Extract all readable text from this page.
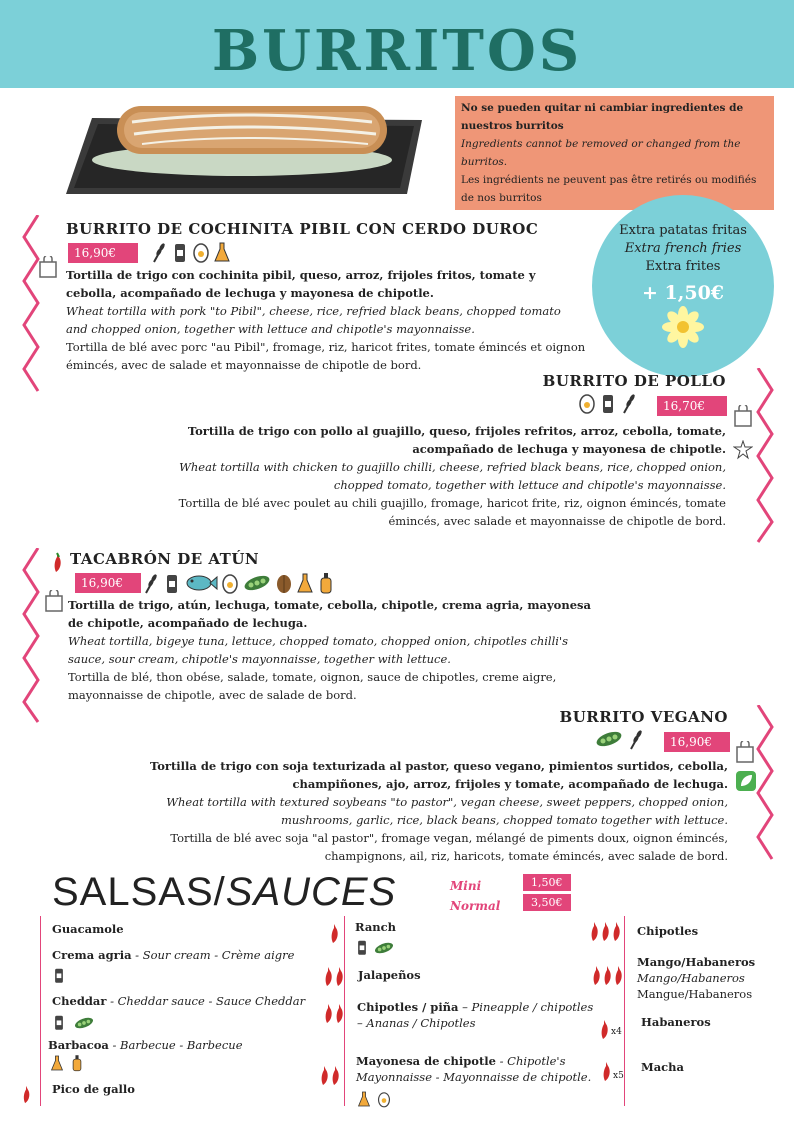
BURRITOS
No se pueden quitar ni cambiar ingredientes de nuestros burritos
Ingredients cannot be removed or changed from the burritos.
Les ingrédients ne peuvent pas être retirés ou modifiés de nos burritos
Extra patatas fritas
Extra french fries
Extra frites
+ 1,50€
BURRITO DE COCHINITA PIBIL CON CERDO DUROC
16,90€
Tortilla de trigo con cochinita pibil, queso, arroz, frijoles fritos, tomate y cebolla, acompañado de lechuga y mayonesa de chipotle.
Wheat tortilla with pork "to Pibil", cheese, rice, refried black beans, chopped tomato and chopped onion, together with lettuce and chipotle's mayonnaisse.
Tortilla de blé avec porc "au Pibil", fromage, riz, haricot frites, tomate émincés et oignon émincés, avec de salade et mayonnaisse de chipotle de bord.
BURRITO DE POLLO
16,70€
Tortilla de trigo con pollo al guajillo, queso, frijoles refritos, arroz, cebolla, tomate, acompañado de lechuga y mayonesa de chipotle.
Wheat tortilla with chicken to guajillo chilli, cheese, refried black beans, rice, chopped onion, chopped tomato, together with lettuce and chipotle's mayonnaisse.
Tortilla de blé avec poulet au chili guajillo, fromage, haricot frite, riz, oignon émincés, tomate émincés, avec salade et mayonnaisse de chipotle de bord.
TACABRÓN DE ATÚN
16,90€
Tortilla de trigo, atún, lechuga, tomate, cebolla, chipotle, crema agria, mayonesa de chipotle, acompañado de lechuga.
Wheat tortilla, bigeye tuna, lettuce, chopped tomato, chopped onion, chipotles chilli's sauce, sour cream, chipotle's mayonnaisse, together with lettuce.
Tortilla de blé, thon obése, salade, tomate, oignon, sauce de chipotles, creme aigre, mayonnaisse de chipotle, avec de salade de bord.
BURRITO VEGANO
16,90€
Tortilla de trigo con soja texturizada al pastor, queso vegano, pimientos surtidos, cebolla, champiñones, ajo, arroz, frijoles y tomate, acompañado de lechuga.
Wheat tortilla with textured soybeans "to pastor", vegan cheese, sweet peppers, chopped onion, mushrooms, garlic, rice, black beans, chopped tomato together with lettuce.
Tortilla de blé avec soja "al pastor", fromage vegan, mélangé de piments doux, oignon émincés, champignons, ail, riz, haricots, tomate émincés, avec salade de bord.
SALSAS/SAUCES	Mini
Normal
1,50€
3,50€
Guacamole
Crema agria - Sour cream - Crème aigre
Cheddar - Cheddar sauce - Sauce Cheddar
Barbacoa - Barbecue - Barbecue
Pico de gallo
Ranch
Jalapeños
Chipotles / piña – Pineapple / chipotles – Ananas / Chipotles
Mayonesa de chipotle - Chipotle's Mayonnaisse - Mayonnaisse de chipotle.
Chipotles
Mango/Habaneros
Mango/Habaneros
Mangue/Habaneros
x4
Habaneros
x5
Macha
